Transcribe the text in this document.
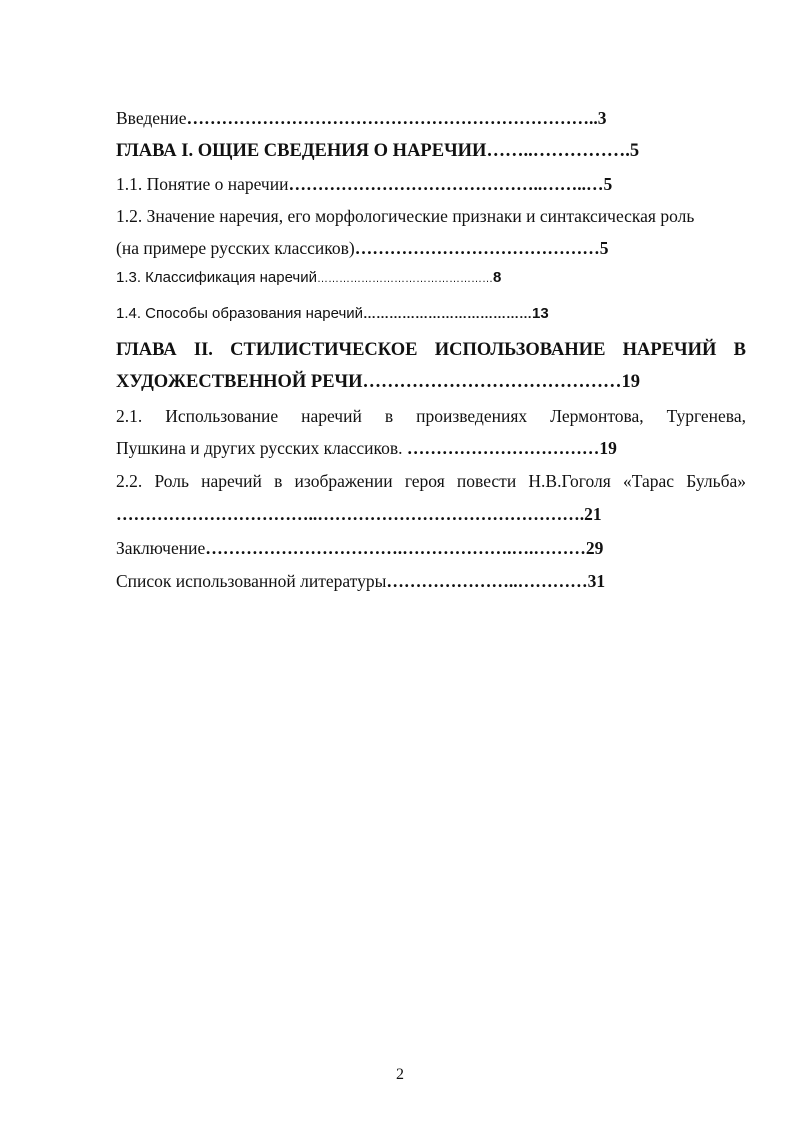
Введение……………………………………………………………..3
ГЛАВА I. ОЩИЕ СВЕДЕНИЯ О НАРЕЧИИ……..…………….5
1.1. Понятие о наречии……………………………………..……..…5
1.2. Значение наречия, его морфологические признаки и синтаксическая роль
(на примере русских классиков)……………………………………5
1.3. Классификация наречий…………………………………………8
1.4. Способы образования наречий…………………………………13
ГЛАВА II. СТИЛИСТИЧЕСКОЕ ИСПОЛЬЗОВАНИЕ НАРЕЧИЙ В
ХУДОЖЕСТВЕННОЙ РЕЧИ……………………………………19
2.1. Использование наречий в произведениях Лермонтова, Тургенева,
Пушкина и других русских классиков. ……………………………19
2.2. Роль наречий в изображении героя повести Н.В.Гоголя «Тарас Бульба»
……………………………..……………………………………….21
Заключение…………………………….……………….….………29
Список использованной литературы…………………..…………31
2
